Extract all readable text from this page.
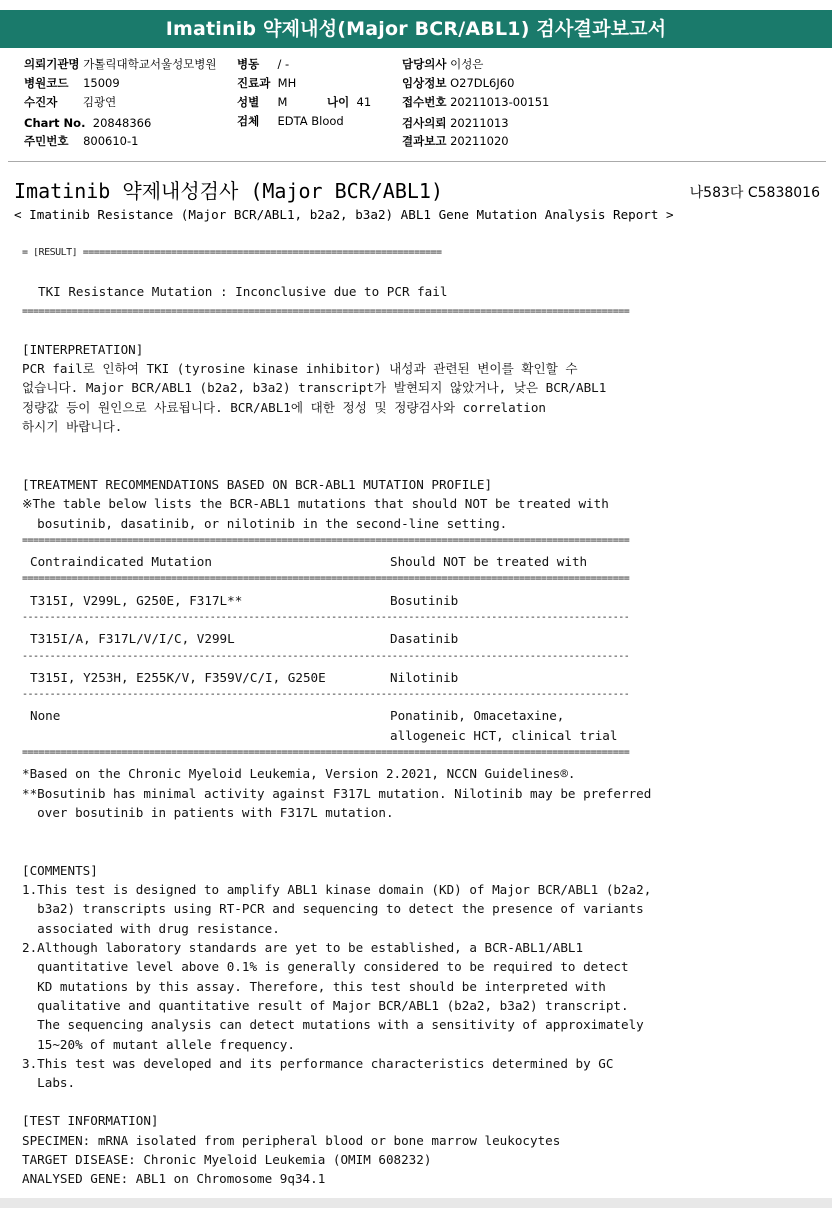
Imatinib 약제내성(Major BCR/ABL1) 검사결과보고서
의뢰기관명 가톨릭대학교서울성모병원
병원코드 15009
수진자 김광연
Chart No. 20848366
주민번호 800610-1
병동 / -
진료과 MH
성별 M	나이 41
검체 EDTA Blood
담당의사 이성은
임상정보 O27DL6J60
접수번호 20211013-00151
검사의뢰 20211013
결과보고 20211020
Imatinib 약제내성검사 (Major BCR/ABL1)	나583다 C5838016
< Imatinib Resistance (Major BCR/ABL1, b2a2, b3a2) ABL1 Gene Mutation Analysis Report >
= [RESULT] =================================================================
TKI Resistance Mutation : Inconclusive due to PCR fail
==============================================================================================================
[INTERPRETATION]
PCR fail로 인하여 TKI (tyrosine kinase inhibitor) 내성과 관련된 변이를 확인할 수
없습니다. Major BCR/ABL1 (b2a2, b3a2) transcript가 발현되지 않았거나, 낮은 BCR/ABL1
정량값 등이 원인으로 사료됩니다. BCR/ABL1에 대한 정성 및 정량검사와 correlation
하시기 바랍니다.
[TREATMENT RECOMMENDATIONS BASED ON BCR-ABL1 MUTATION PROFILE]
※The table below lists the BCR-ABL1 mutations that should NOT be treated with
bosutinib, dasatinib, or nilotinib in the second-line setting.
==============================================================================================================
Contraindicated Mutation	Should NOT be treated with
==============================================================================================================
T315I, V299L, G250E, F317L**	Bosutinib
--------------------------------------------------------------------------------------------------------------
T315I/A, F317L/V/I/C, V299L	Dasatinib
--------------------------------------------------------------------------------------------------------------
T315I, Y253H, E255K/V, F359V/C/I, G250E	Nilotinib
--------------------------------------------------------------------------------------------------------------
None	Ponatinib, Omacetaxine,
allogeneic HCT, clinical trial
==============================================================================================================
*Based on the Chronic Myeloid Leukemia, Version 2.2021, NCCN Guidelines®.
**Bosutinib has minimal activity against F317L mutation. Nilotinib may be preferred
over bosutinib in patients with F317L mutation.
[COMMENTS]
1.This test is designed to amplify ABL1 kinase domain (KD) of Major BCR/ABL1 (b2a2,
b3a2) transcripts using RT-PCR and sequencing to detect the presence of variants
associated with drug resistance.
2.Although laboratory standards are yet to be established, a BCR-ABL1/ABL1
quantitative level above 0.1% is generally considered to be required to detect
KD mutations by this assay. Therefore, this test should be interpreted with
qualitative and quantitative result of Major BCR/ABL1 (b2a2, b3a2) transcript.
The sequencing analysis can detect mutations with a sensitivity of approximately
15~20% of mutant allele frequency.
3.This test was developed and its performance characteristics determined by GC
Labs.
[TEST INFORMATION]
SPECIMEN: mRNA isolated from peripheral blood or bone marrow leukocytes
TARGET DISEASE: Chronic Myeloid Leukemia (OMIM 608232)
ANALYSED GENE: ABL1 on Chromosome 9q34.1
